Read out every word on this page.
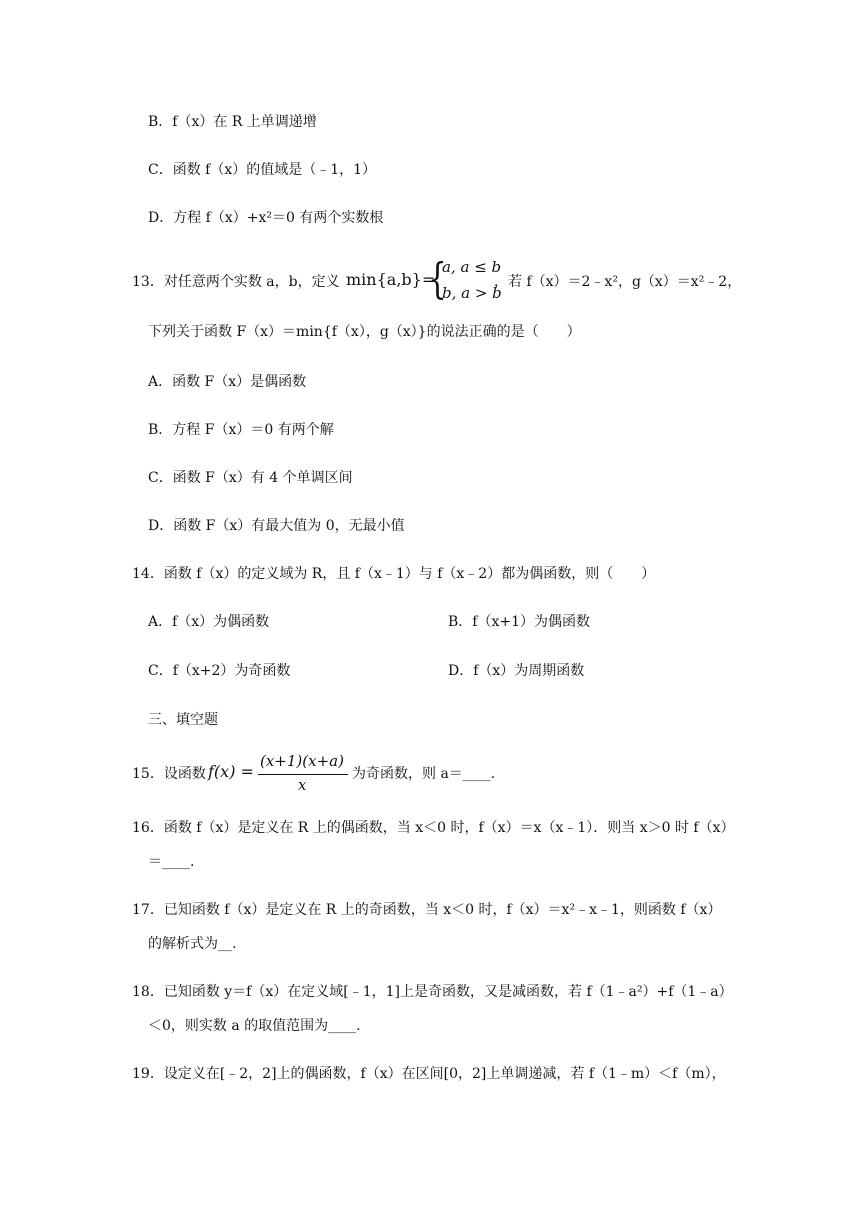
B．f（x）在 R 上单调递增
C．函数 f（x）的值域是（﹣1，1）
D．方程 f（x）+x²＝0 有两个实数根
13．对任意两个实数 a，b，定义 min{a,b}=
{
a, a ≤ b
b, a > b
，若 f（x）＝2﹣x²，g（x）＝x²﹣2，
下列关于函数 F（x）＝min{f（x），g（x）}的说法正确的是（　　）
A．函数 F（x）是偶函数
B．方程 F（x）＝0 有两个解
C．函数 F（x）有 4 个单调区间
D．函数 F（x）有最大值为 0，无最小值
14．函数 f（x）的定义域为 R，且 f（x﹣1）与 f（x﹣2）都为偶函数，则（　　）
A．f（x）为偶函数	B．f（x+1）为偶函数
C．f（x+2）为奇函数	D．f（x）为周期函数
三、填空题
15．设函数 f(x) =
(x+1)(x+a)
x
为奇函数，则 a＝____.
16．函数 f（x）是定义在 R 上的偶函数，当 x＜0 时，f（x）＝x（x﹣1）．则当 x＞0 时 f（x）
＝____.
17．已知函数 f（x）是定义在 R 上的奇函数，当 x＜0 时，f（x）＝x²﹣x﹣1，则函数 f（x）
的解析式为__.
18．已知函数 y＝f（x）在定义域[﹣1，1]上是奇函数，又是减函数，若 f（1﹣a²）+f（1﹣a）
＜0，则实数 a 的取值范围为____.
19．设定义在[﹣2，2]上的偶函数，f（x）在区间[0，2]上单调递减，若 f（1﹣m）＜f（m），
